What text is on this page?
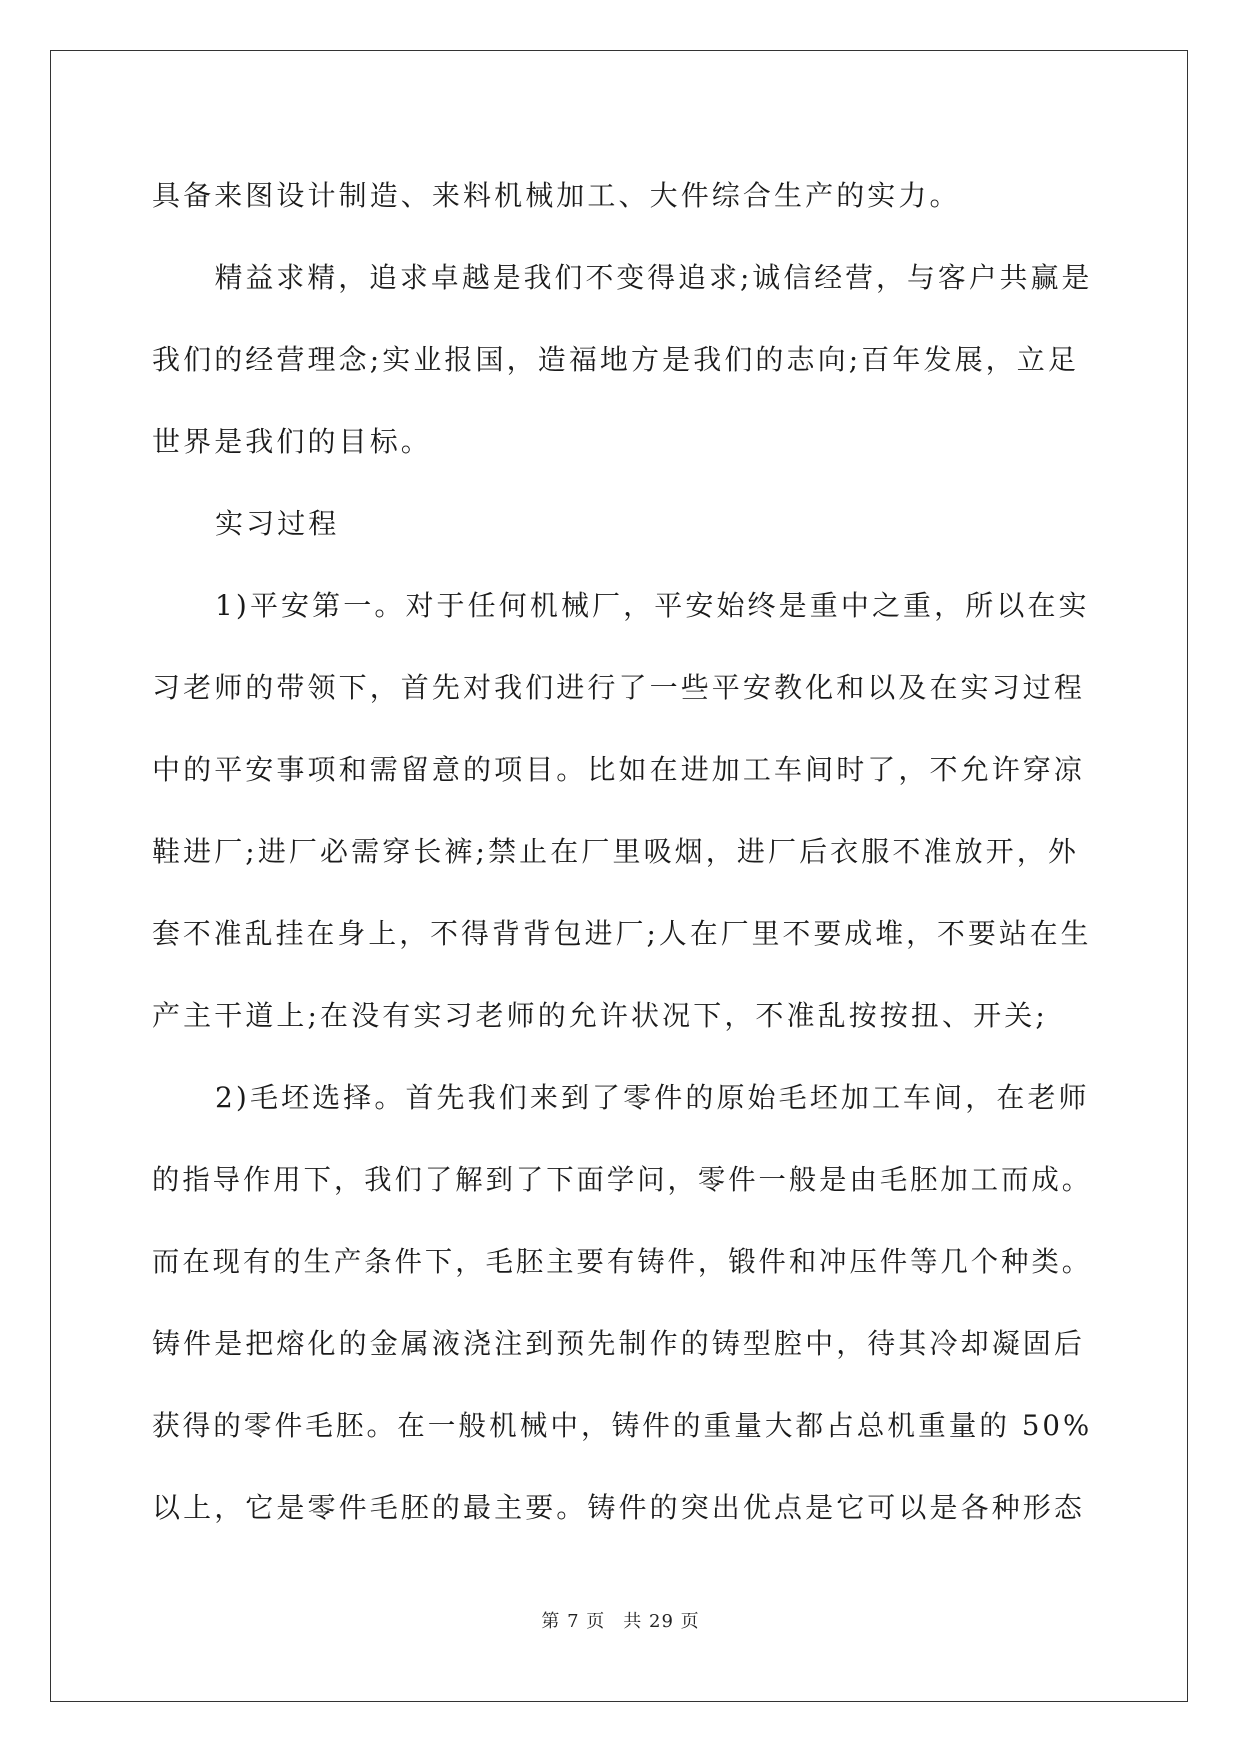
具备来图设计制造、来料机械加工、大件综合生产的实力。
精益求精，追求卓越是我们不变得追求;诚信经营，与客户共赢是
我们的经营理念;实业报国，造福地方是我们的志向;百年发展，立足
世界是我们的目标。
实习过程
1)平安第一。对于任何机械厂，平安始终是重中之重，所以在实
习老师的带领下，首先对我们进行了一些平安教化和以及在实习过程
中的平安事项和需留意的项目。比如在进加工车间时了，不允许穿凉
鞋进厂;进厂必需穿长裤;禁止在厂里吸烟，进厂后衣服不准放开，外
套不准乱挂在身上，不得背背包进厂;人在厂里不要成堆，不要站在生
产主干道上;在没有实习老师的允许状况下，不准乱按按扭、开关;
2)毛坯选择。首先我们来到了零件的原始毛坯加工车间，在老师
的指导作用下，我们了解到了下面学问，零件一般是由毛胚加工而成。
而在现有的生产条件下，毛胚主要有铸件，锻件和冲压件等几个种类。
铸件是把熔化的金属液浇注到预先制作的铸型腔中，待其冷却凝固后
获得的零件毛胚。在一般机械中，铸件的重量大都占总机重量的 50%
以上，它是零件毛胚的最主要。铸件的突出优点是它可以是各种形态
第 7 页 共 29 页
